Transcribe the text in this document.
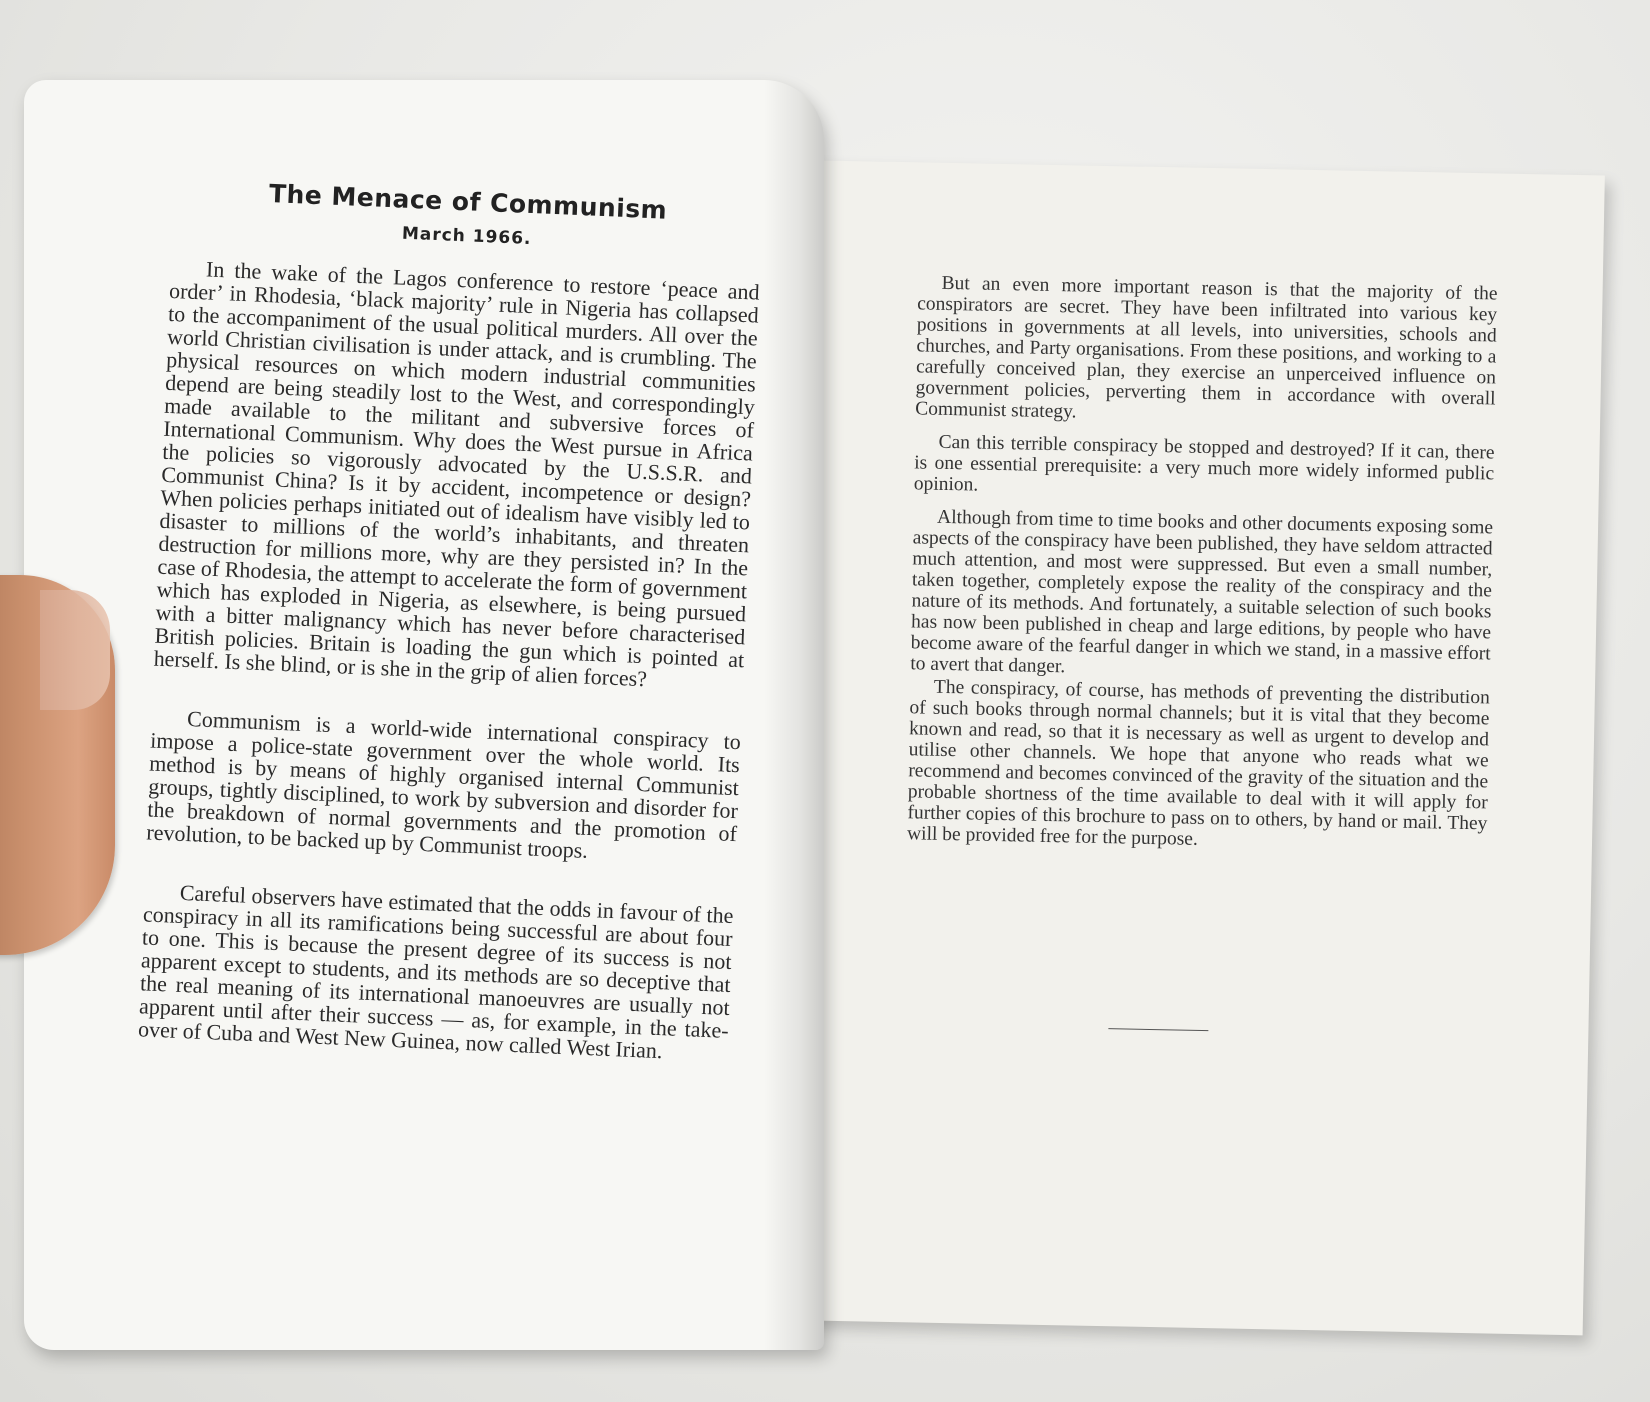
But an even more important reason is that the majority of the conspirators are secret. They have been infiltrated into various key positions in governments at all levels, into universities, schools and churches, and Party organisations. From these positions, and working to a carefully conceived plan, they exercise an unperceived influence on government policies, perverting them in accordance with overall Communist strategy.

Can this terrible conspiracy be stopped and destroyed? If it can, there is one essential prerequisite: a very much more widely informed public opinion.

Although from time to time books and other documents exposing some aspects of the conspiracy have been published, they have seldom attracted much attention, and most were suppressed. But even a small number, taken together, completely expose the reality of the conspiracy and the nature of its methods. And fortunately, a suitable selection of such books has now been published in cheap and large editions, by people who have become aware of the fearful danger in which we stand, in a massive effort to avert that danger.

The conspiracy, of course, has methods of preventing the distribution of such books through normal channels; but it is vital that they become known and read, so that it is necessary as well as urgent to develop and utilise other channels. We hope that anyone who reads what we recommend and becomes convinced of the gravity of the situation and the probable shortness of the time available to deal with it will apply for further copies of this brochure to pass on to others, by hand or mail. They will be provided free for the purpose.

The Menace of Communism
March 1966.

In the wake of the Lagos conference to restore ‘peace and order’ in Rhodesia, ‘black majority’ rule in Nigeria has collapsed to the accompaniment of the usual political murders. All over the world Christian civilisation is under attack, and is crumbling. The physical resources on which modern industrial communities depend are being steadily lost to the West, and correspondingly made available to the militant and subversive forces of International Communism. Why does the West pursue in Africa the policies so vigorously advocated by the U.S.S.R. and Communist China? Is it by accident, incompetence or design? When policies perhaps initiated out of idealism have visibly led to disaster to millions of the world’s inhabitants, and threaten destruction for millions more, why are they persisted in? In the case of Rhodesia, the attempt to accelerate the form of government which has exploded in Nigeria, as elsewhere, is being pursued with a bitter malignancy which has never before characterised British policies. Britain is loading the gun which is pointed at herself. Is she blind, or is she in the grip of alien forces?

Communism is a world-wide international conspiracy to impose a police-state government over the whole world. Its method is by means of highly organised internal Communist groups, tightly disciplined, to work by subversion and disorder for the breakdown of normal governments and the promotion of revolution, to be backed up by Communist troops.

Careful observers have estimated that the odds in favour of the conspiracy in all its ramifications being successful are about four to one. This is because the present degree of its success is not apparent except to students, and its methods are so deceptive that the real meaning of its international manoeuvres are usually not apparent until after their success — as, for example, in the take-over of Cuba and West New Guinea, now called West Irian.
